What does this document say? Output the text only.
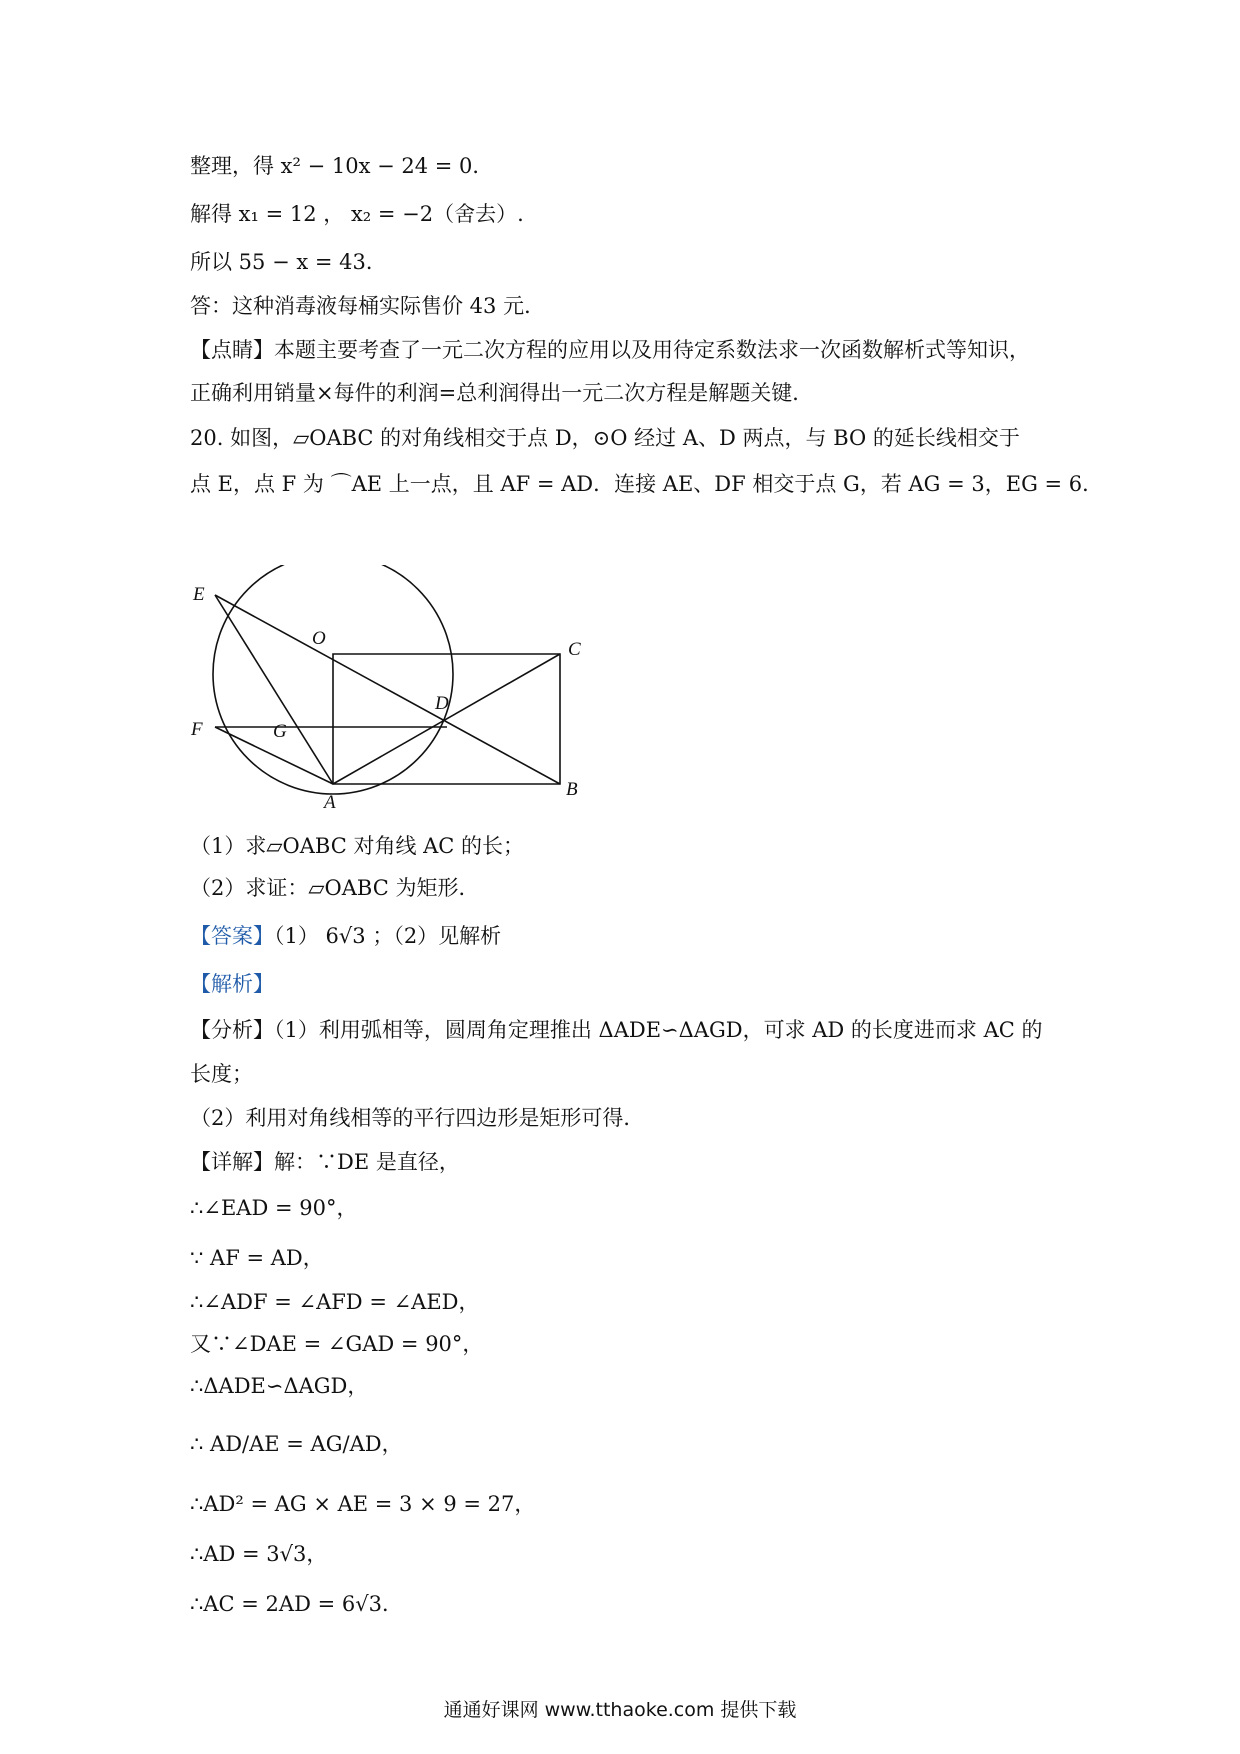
整理，得 x² − 10x − 24 = 0．
解得 x₁ = 12 ， x₂ = −2（舍去）.
所以 55 − x = 43．
答：这种消毒液每桶实际售价 43 元．
【点睛】本题主要考查了一元二次方程的应用以及用待定系数法求一次函数解析式等知识，
正确利用销量×每件的利润=总利润得出一元二次方程是解题关键．
20. 如图，▱OABC 的对角线相交于点 D，⊙O 经过 A、D 两点，与 BO 的延长线相交于
点 E，点 F 为 ⌒AE 上一点，且 AF = AD．连接 AE、DF 相交于点 G，若 AG = 3，EG = 6．
E
O
C
D
F	G
A
B
（1）求▱OABC 对角线 AC 的长；
（2）求证：▱OABC 为矩形．
【答案】（1） 6√3 ；（2）见解析
【解析】
【分析】（1）利用弧相等，圆周角定理推出 ΔADE∽ΔAGD，可求 AD 的长度进而求 AC 的
长度；
（2）利用对角线相等的平行四边形是矩形可得．
【详解】解：∵DE 是直径，
∴∠EAD = 90°，
∵ AF = AD，
∴∠ADF = ∠AFD = ∠AED，
又∵∠DAE = ∠GAD = 90°，
∴ΔADE∽ΔAGD，
∴ AD/AE = AG/AD，
∴AD² = AG × AE = 3 × 9 = 27，
∴AD = 3√3，
∴AC = 2AD = 6√3．
通通好课网 www.tthaoke.com 提供下载
